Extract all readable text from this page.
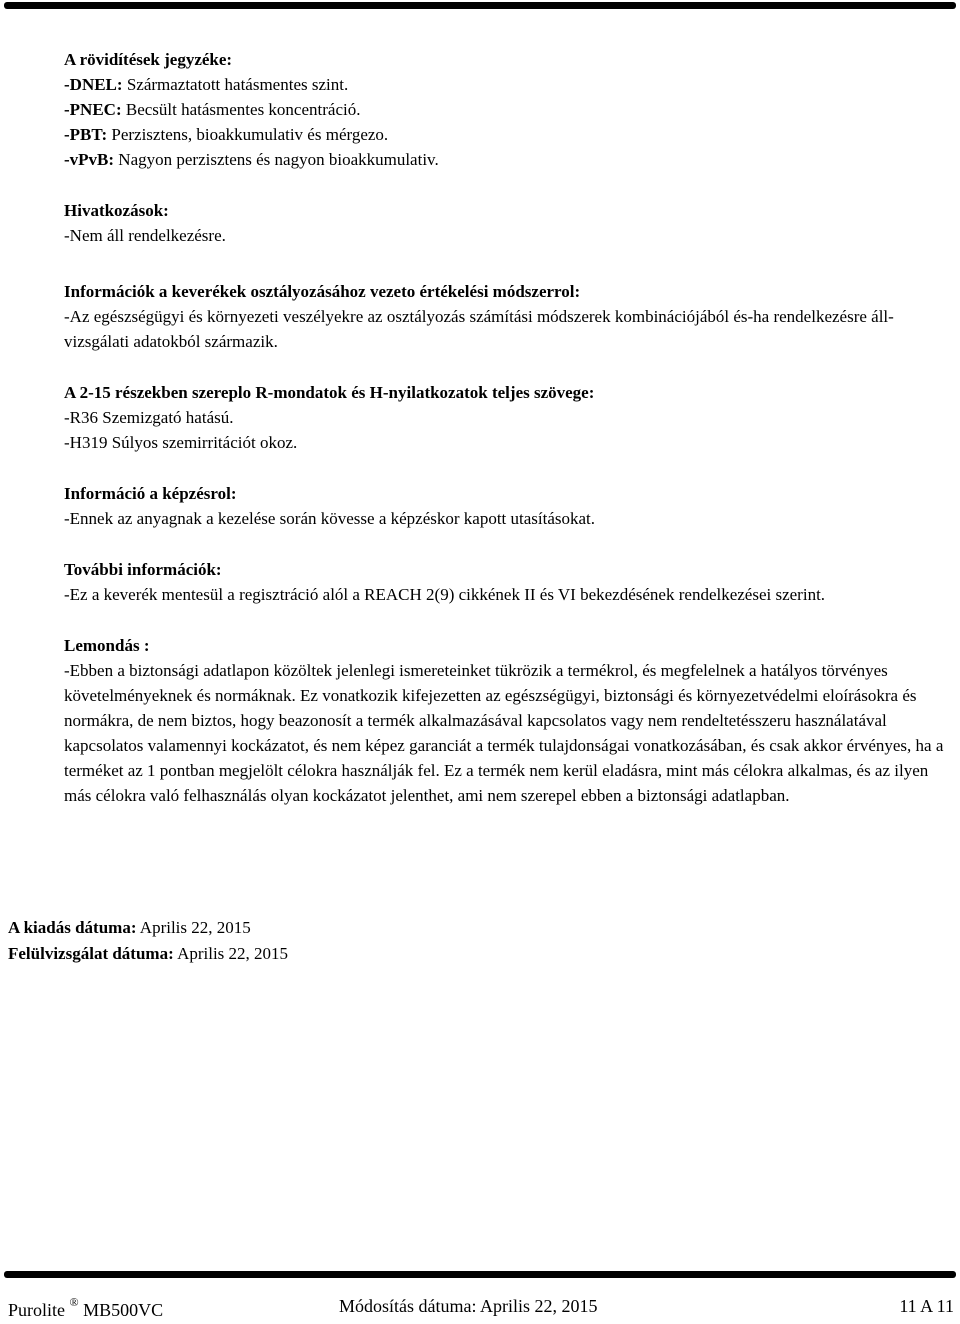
A rövidítések jegyzéke:

-DNEL: Származtatott hatásmentes szint.

-PNEC: Becsült hatásmentes koncentráció.

-PBT: Perzisztens, bioakkumulativ és mérgezo.

-vPvB: Nagyon perzisztens és nagyon bioakkumulativ.

Hivatkozások:

-Nem áll rendelkezésre.

Információk a keverékek osztályozásához vezeto értékelési módszerrol:

-Az egészségügyi és környezeti veszélyekre az osztályozás számítási módszerek kombinációjából és-ha rendelkezésre áll- vizsgálati adatokból származik.

A 2-15 részekben szereplo R-mondatok és H-nyilatkozatok teljes szövege:

-R36 Szemizgató hatású.

-H319 Súlyos szemirritációt okoz.

Információ a képzésrol:

-Ennek az anyagnak a kezelése során kövesse a képzéskor kapott utasításokat.

További információk:

-Ez a keverék mentesül a regisztráció alól a REACH 2(9) cikkének II és VI bekezdésének rendelkezései szerint.

Lemondás :

-Ebben a biztonsági adatlapon közöltek jelenlegi ismereteinket tükrözik a termékrol, és megfelelnek a hatályos törvényes követelményeknek és normáknak. Ez vonatkozik kifejezetten az egészségügyi, biztonsági és környezetvédelmi eloírásokra és normákra, de nem biztos, hogy beazonosít a termék alkalmazásával kapcsolatos vagy nem rendeltetésszeru használatával kapcsolatos valamennyi kockázatot, és nem képez garanciát a termék tulajdonságai vonatkozásában, és csak akkor érvényes, ha a terméket az 1 pontban megjelölt célokra használják fel. Ez a termék nem kerül eladásra, mint más célokra alkalmas, és az ilyen más célokra való felhasználás olyan kockázatot jelenthet, ami nem szerepel ebben a biztonsági adatlapban.

A kiadás dátuma: Aprilis 22, 2015
Felülvizsgálat dátuma: Aprilis 22, 2015
Purolite ® MB500VC	Módosítás dátuma: Aprilis 22, 2015	11 A 11
